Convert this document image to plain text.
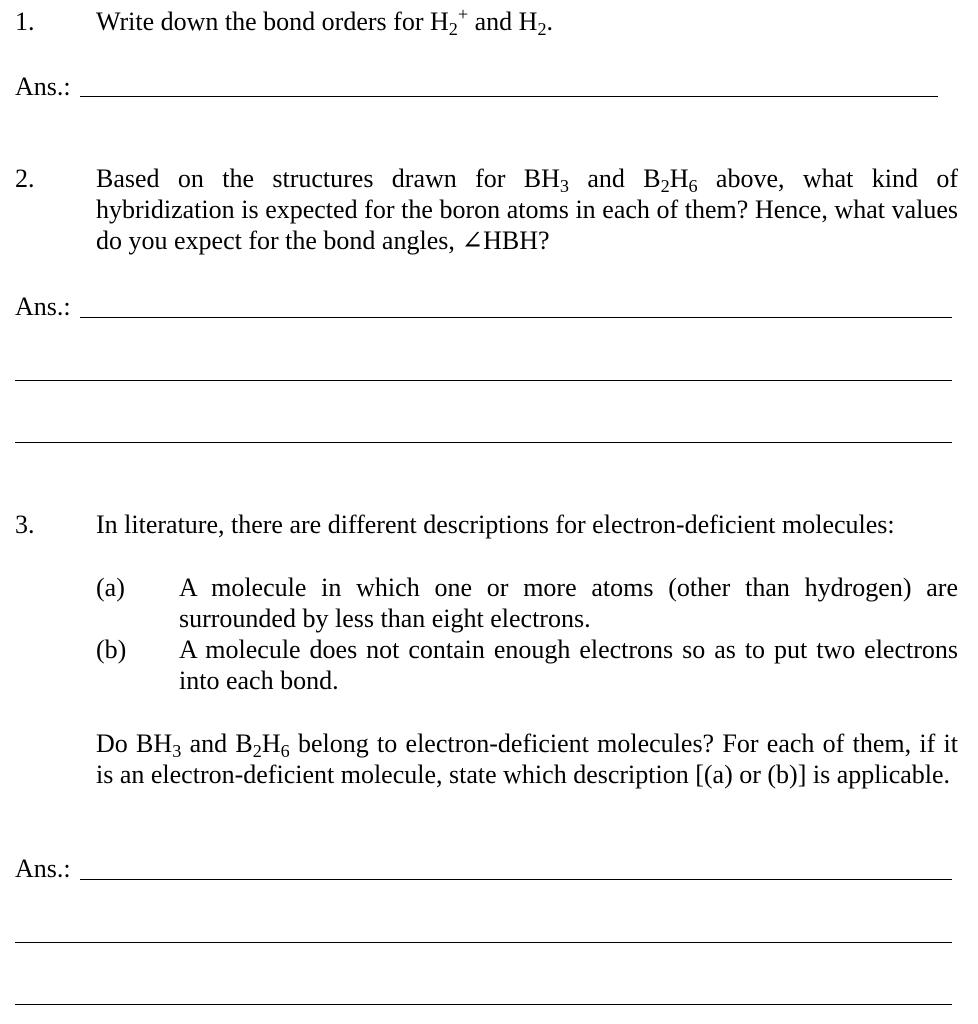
1. Write down the bond orders for $H_2^+$ and $H_2$.
Ans.:
2. Based on the structures drawn for $BH_3$ and $B_2H_6$ above, what kind of hybridization is expected for the boron atoms in each of them? Hence, what values do you expect for the bond angles, ∠HBH?
Ans.:
3. In literature, there are different descriptions for electron-deficient molecules:
(a) A molecule in which one or more atoms (other than hydrogen) are surrounded by less than eight electrons.
(b) A molecule does not contain enough electrons so as to put two electrons into each bond.
Do $BH_3$ and $B_2H_6$ belong to electron-deficient molecules? For each of them, if it is an electron-deficient molecule, state which description [(a) or (b)] is applicable.
Ans.:
